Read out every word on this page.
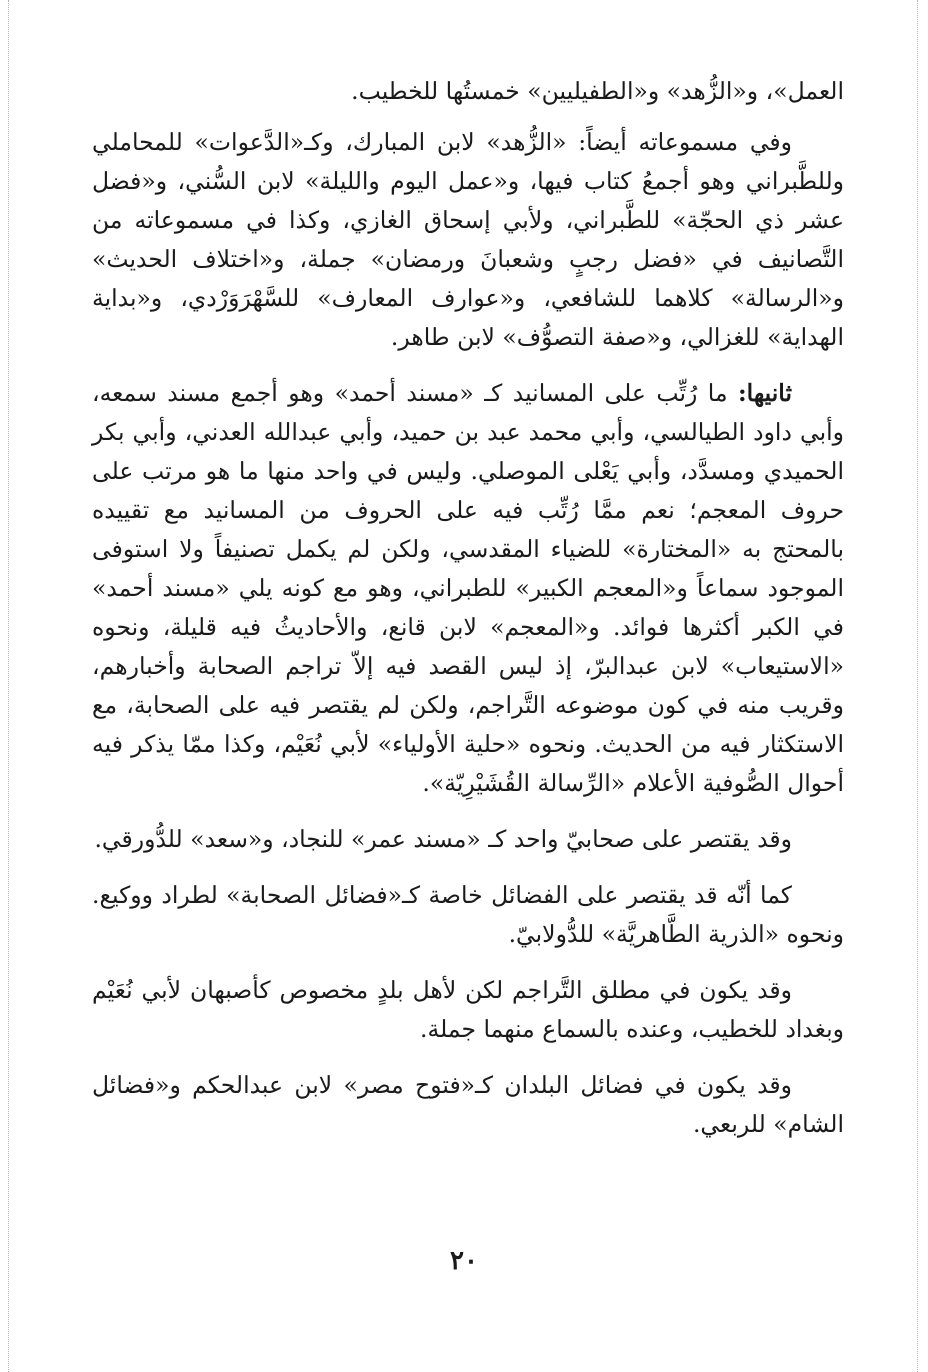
العمل»، و«الزُّهد» و«الطفيليين» خمستُها للخطيب.

وفي مسموعاته أيضاً: «الزُّهد» لابن المبارك، وكـ«الدَّعوات» للمحاملي وللطَّبراني وهو أجمعُ كتاب فيها، و«عمل اليوم والليلة» لابن السُّني، و«فضل عشر ذي الحجّة» للطَّبراني، ولأبي إسحاق الغازي، وكذا في مسموعاته من التَّصانيف في «فضل رجبٍ وشعبانَ ورمضان» جملة، و«اختلاف الحديث» و«الرسالة» كلاهما للشافعي، و«عوارف المعارف» للسَّهْرَوَرْدي، و«بداية الهداية» للغزالي، و«صفة التصوُّف» لابن طاهر.

ثانيها: ما رُتِّب على المسانيد كـ «مسند أحمد» وهو أجمع مسند سمعه، وأبي داود الطيالسي، وأبي محمد عبد بن حميد، وأبي عبدالله العدني، وأبي بكر الحميدي ومسدَّد، وأبي يَعْلى الموصلي. وليس في واحد منها ما هو مرتب على حروف المعجم؛ نعم ممَّا رُتِّب فيه على الحروف من المسانيد مع تقييده بالمحتج به «المختارة» للضياء المقدسي، ولكن لم يكمل تصنيفاً ولا استوفى الموجود سماعاً و«المعجم الكبير» للطبراني، وهو مع كونه يلي «مسند أحمد» في الكبر أكثرها فوائد. و«المعجم» لابن قانع، والأحاديثُ فيه قليلة، ونحوه «الاستيعاب» لابن عبدالبرّ، إذ ليس القصد فيه إلاّ تراجم الصحابة وأخبارهم، وقريب منه في كون موضوعه التَّراجم، ولكن لم يقتصر فيه على الصحابة، مع الاستكثار فيه من الحديث. ونحوه «حلية الأولياء» لأبي نُعَيْم، وكذا ممّا يذكر فيه أحوال الصُّوفية الأعلام «الرِّسالة القُشَيْرِيّة».

وقد يقتصر على صحابيّ واحد كـ «مسند عمر» للنجاد، و«سعد» للدُّورقي.

كما أنّه قد يقتصر على الفضائل خاصة كـ«فضائل الصحابة» لطراد ووكيع. ونحوه «الذرية الطَّاهريَّة» للدُّولابيّ.

وقد يكون في مطلق التَّراجم لكن لأهل بلدٍ مخصوص كأصبهان لأبي نُعَيْم وبغداد للخطيب، وعنده بالسماع منهما جملة.

وقد يكون في فضائل البلدان كـ«فتوح مصر» لابن عبدالحكم و«فضائل الشام» للربعي.

٢٠
